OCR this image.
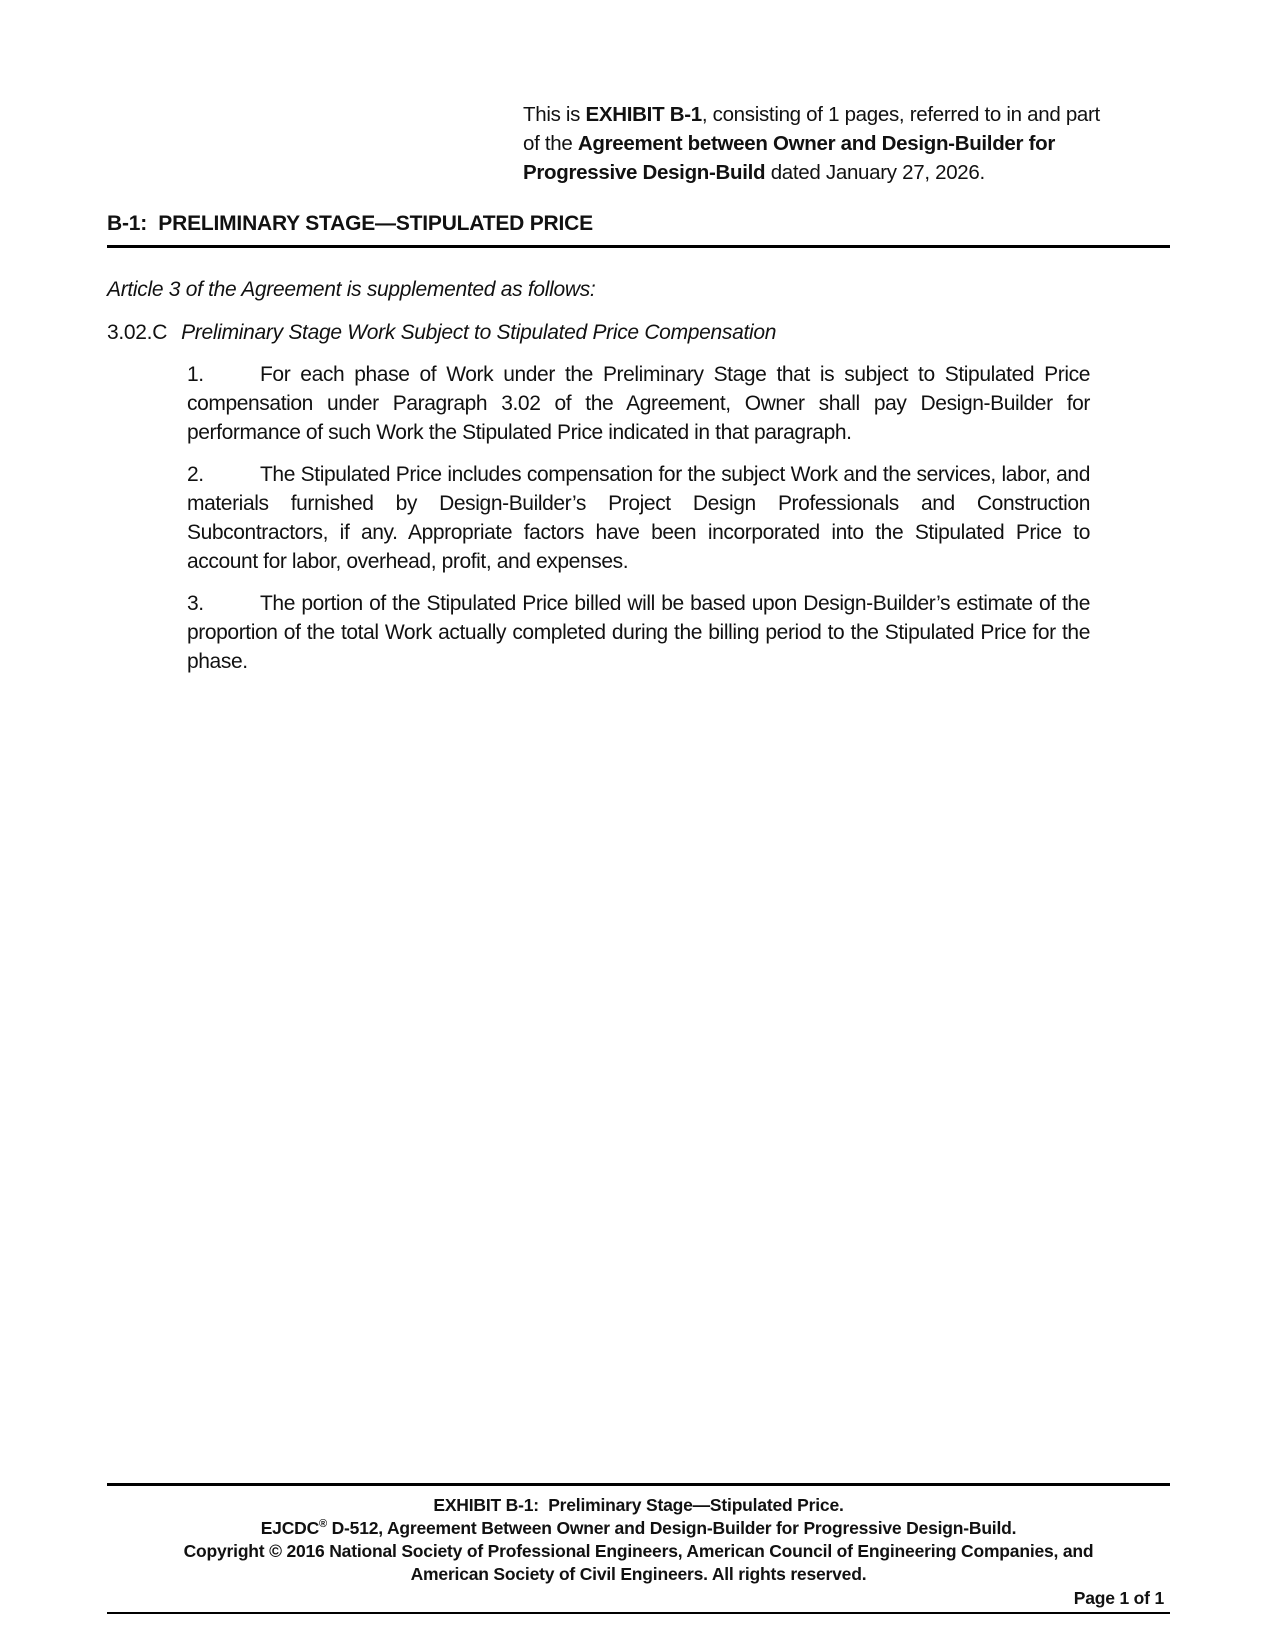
This is EXHIBIT B-1, consisting of 1 pages, referred to in and part
of the Agreement between Owner and Design-Builder for
Progressive Design-Build dated January 27, 2026.
B-1:  PRELIMINARY STAGE—STIPULATED PRICE
Article 3 of the Agreement is supplemented as follows:
3.02.C Preliminary Stage Work Subject to Stipulated Price Compensation
1.	For each phase of Work under the Preliminary Stage that is subject to Stipulated Price compensation under Paragraph 3.02 of the Agreement, Owner shall pay Design-Builder for performance of such Work the Stipulated Price indicated in that paragraph.
2.	The Stipulated Price includes compensation for the subject Work and the services, labor, and materials furnished by Design-Builder’s Project Design Professionals and Construction Subcontractors, if any. Appropriate factors have been incorporated into the Stipulated Price to account for labor, overhead, profit, and expenses.
3.	The portion of the Stipulated Price billed will be based upon Design-Builder’s estimate of the proportion of the total Work actually completed during the billing period to the Stipulated Price for the phase.
EXHIBIT B-1:  Preliminary Stage—Stipulated Price.
EJCDC® D-512, Agreement Between Owner and Design-Builder for Progressive Design-Build.
Copyright © 2016 National Society of Professional Engineers, American Council of Engineering Companies, and
American Society of Civil Engineers. All rights reserved.
Page 1 of 1
